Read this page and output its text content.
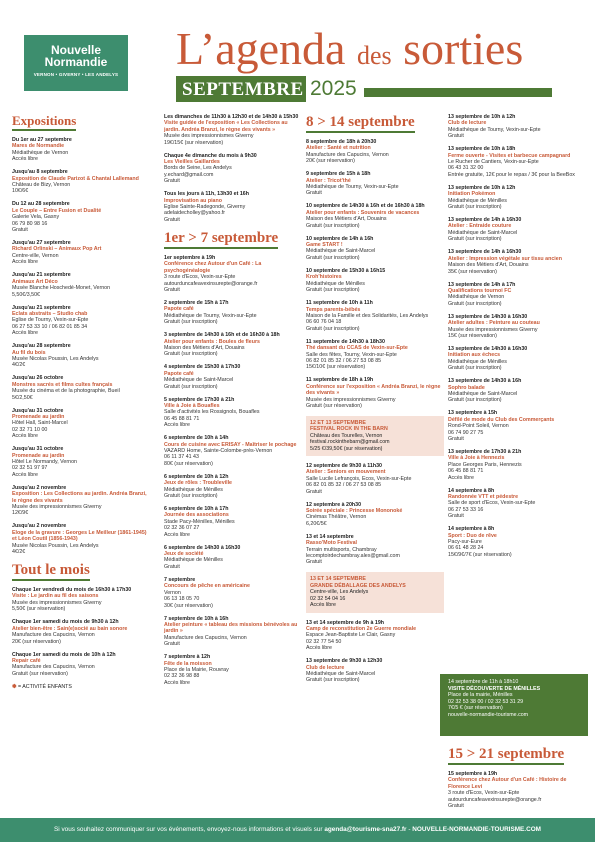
Nouvelle
Normandie
VERNON • GIVERNY • LES ANDELYS
L’agenda des sorties
SEPTEMBRE 2025
Expositions
Du 1er au 27 septembre
Mares de Normandie
Médiathèque de Vernon
Accès libre
Jusqu'au 8 septembre
Exposition de Claude Parizot & Chantal Lallemand
Château de Bizy, Vernon
10€/6€
Du 12 au 28 septembre
Le Couple – Entre Fusion et Dualité
Galerie Vela, Gasny
06 79 80 98 16
Gratuit
Jusqu'au 27 septembre
Richard Orlinski – Animaux Pop Art
Centre-ville, Vernon
Accès libre
Jusqu'au 21 septembre
Animaux Art Déco
Musée Blanche Hoschedé-Monet, Vernon
5,50€/3,50€
Jusqu'au 21 septembre
Eclats abstraits – Studio chab
Eglise de Tourny, Vexin-sur-Epte
06 27 53 33 10 / 06 82 01 85 34
Accès libre
Jusqu'au 28 septembre
Au fil du bois
Musée Nicolas Poussin, Les Andelys
4€/2€
Jusqu'au 26 octobre
Monstres sacrés et films cultes français
Musée du cinéma et de la photographie, Bueil
5€/2,50€
Jusqu'au 31 octobre
Promenade au jardin
Hôtel Hall, Saint-Marcel
02 32 71 10 00
Accès libre
Jusqu'au 31 octobre
Promenade au jardin
Hôtel Le Normandy, Vernon
02 32 51 97 97
Accès libre
Jusqu'au 2 novembre
Exposition : Les Collections au jardin. Andréa Branzi, le règne des vivants
Musée des impressionnismes Giverny
12€/9€
Jusqu'au 2 novembre
Eloge de la gravure : Georges Le Meilleur (1861-1945) et Léon Coutil (1856-1943)
Musée Nicolas Poussin, Les Andelys
4€/2€
Tout le mois
Chaque 1er vendredi du mois de 16h30 à 17h30
Visite : Le jardin au fil des saisons
Musée des impressionnismes Giverny
5,50€ (sur réservation)
Chaque 1er samedi du mois de 9h30 à 12h
Atelier bien-être : Sain(e)socié au bain sonore
Manufacture des Capucins, Vernon
20€ (sur réservation)
Chaque 1er samedi du mois de 10h à 12h
Repair café
Manufacture des Capucins, Vernon
Gratuit (sur réservation)
✽ = ACTIVITÉ ENFANTS
Les dimanches de 11h30 à 12h30 et de 14h30 à 15h30
Visite guidée de l'exposition « Les Collections au jardin. Andréa Branzi, le règne des vivants »
Musée des impressionnismes Giverny
19€/15€ (sur réservation)
Chaque 4e dimanche du mois à 9h30
Les Vieilles Gaillardes
Bords de Seine, Les Andelys
y.echard@gmail.com
Gratuit
Tous les jours à 11h, 13h30 et 16h
Improvisation au piano
Eglise Sainte-Radegonde, Giverny
adelaidecholley@yahoo.fr
Gratuit
1er > 7 septembre
1er septembre à 19h
Conférence chez Autour d'un Café : La psychogénéalogie
3 route d'Ecos, Vexin-sur-Epte
autourduncafeavexinsurepte@orange.fr
Gratuit
2 septembre de 15h à 17h
Papote café
Médiathèque de Tourny, Vexin-sur-Epte
Gratuit (sur inscription)
3 septembre de 14h30 à 16h et de 16h30 à 18h
Atelier pour enfants : Boules de fleurs
Maison des Métiers d'Art, Douains
Gratuit (sur inscription)
4 septembre de 15h30 à 17h30
Papote café
Médiathèque de Saint-Marcel
Gratuit (sur inscription)
5 septembre de 17h30 à 21h
Ville à Joie à Bouafles
Salle d'activités les Rossignols, Bouafles
06 45 88 81 71
Accès libre
6 septembre de 10h à 14h
Cours de cuisine avec ERISAY - Maîtriser le pochage
VAZARD Home, Sainte-Colombe-près-Vernon
06 11 37 41 43
80€ (sur réservation)
6 septembre de 10h à 12h
Jeux de rôles : Troubleville
Médiathèque de Ménilles
Gratuit (sur inscription)
6 septembre de 10h à 17h
Journée des associations
Stade Pacy-Ménilles, Ménilles
02 32 36 07 27
Accès libre
6 septembre de 14h30 à 16h30
Jeux de société
Médiathèque de Ménilles
Gratuit
7 septembre
Concours de pêche en américaine
Vernon
06 13 18 05 70
30€ (sur réservation)
7 septembre de 10h à 16h
Atelier peinture « tableau des missions bénévoles au jardin »
Manufacture des Capucins, Vernon
Gratuit
7 septembre à 12h
Fête de la moisson
Place de la Mairie, Rouvray
02 32 36 98 88
Accès libre
8 > 14 septembre
8 septembre de 18h à 20h30
Atelier : Santé et nutrition
Manufacture des Capucins, Vernon
20€ (sur réservation)
9 septembre de 15h à 18h
Atelier : Tricot'thé
Médiathèque de Tourny, Vexin-sur-Epte
Gratuit
10 septembre de 14h30 à 16h et de 16h30 à 18h
Atelier pour enfants : Souvenirs de vacances
Maison des Métiers d'Art, Douains
Gratuit (sur inscription)
10 septembre de 14h à 16h
Game START !
Médiathèque de Saint-Marcel
Gratuit (sur inscription)
10 septembre de 15h30 à 16h15
Kroh'histoires
Médiathèque de Ménilles
Gratuit (sur inscription)
11 septembre de 10h à 11h
Temps parents-bébés
Maison de la Famille et des Solidarités, Les Andelys
06 60 76 04 18
Gratuit (sur inscription)
11 septembre de 14h30 à 18h30
Thé dansant du CCAS de Vexin-sur-Epte
Salle des fêtes, Tourny, Vexin-sur-Epte
06 82 01 85 32 / 06 27 53 08 85
15€/10€ (sur réservation)
11 septembre de 18h à 19h
Conférence sur l'exposition « Andréa Branzi, le règne des vivants »
Musée des impressionnismes Giverny
Gratuit (sur réservation)
12 ET 13 SEPTEMBRE
FESTIVAL ROCK IN THE BARN
Château des Tourelles, Vernon
festival.rockinthebarn@gmail.com
5/25 €/39,50€ (sur réservation)
12 septembre de 9h30 à 11h30
Atelier : Seniors en mouvement
Salle Lucile Lefrançois, Ecos, Vexin-sur-Epte
06 82 01 85 32 / 06 27 53 08 85
Gratuit
12 septembre à 20h30
Soirée spéciale : Princesse Mononoké
Cinémas Théâtre, Vernon
6,20€/5€
13 et 14 septembre
Rasso'Moto Festival
Terrain multisports, Chambray
lecomptoirdechambray.alex@gmail.com
Gratuit
13 ET 14 SEPTEMBRE
GRANDE DÉBALLAGE DES ANDELYS
Centre-ville, Les Andelys
02 32 54 04 16
Accès libre
13 et 14 septembre de 9h à 19h
Camp de reconstitution 2e Guerre mondiale
Espace Jean-Baptiste Le Clair, Gasny
02 32 77 54 50
Accès libre
13 septembre de 9h30 à 12h30
Club de lecture
Médiathèque de Saint-Marcel
Gratuit (sur inscription)
13 septembre de 10h à 12h
Club de lecture
Médiathèque de Tourny, Vexin-sur-Epte
Gratuit
13 septembre de 10h à 18h
Ferme ouverte - Visites et barbecue campagnard
Le Rucher de Cantiers, Vexin-sur-Epte
06 43 31 32 00
Entrée gratuite, 12€ pour le repas / 3€ pour la BeeBox
13 septembre de 10h à 12h
Initiation Pokémon
Médiathèque de Ménilles
Gratuit (sur inscription)
13 septembre de 14h à 16h30
Atelier : Entraide couture
Médiathèque de Saint-Marcel
Gratuit (sur inscription)
13 septembre de 14h à 16h30
Atelier : Impression végétale sur tissu ancien
Maison des Métiers d'Art, Douains
35€ (sur réservation)
13 septembre de 14h à 17h
Qualifications tournoi FC
Médiathèque de Vernon
Gratuit (sur inscription)
13 septembre de 14h30 à 16h30
Atelier adultes : Peinture au couteau
Musée des impressionnismes Giverny
15€ (sur réservation)
13 septembre de 14h30 à 16h30
Initiation aux échecs
Médiathèque de Ménilles
Gratuit (sur inscription)
13 septembre de 14h30 à 16h
Sophro balade
Médiathèque de Saint-Marcel
Gratuit (sur inscription)
13 septembre à 15h
Défilé de mode du Club des Commerçants
Rond-Point Soleil, Vernon
06 74 90 27 75
Gratuit
13 septembre de 17h30 à 21h
Ville à Joie à Hennezis
Place Georges Paris, Hennezis
06 45 88 81 71
Accès libre
14 septembre à 8h
Randonnée VTT et pédestre
Salle de sport d'Ecos, Vexin-sur-Epte
06 27 53 33 16
Gratuit
14 septembre à 8h
Sport : Duo de rêve
Pacy-sur-Eure
06 61 48 28 24
15€/9€/7€ (sur réservation)
14 septembre de 11h à 18h10
VISITE DÉCOUVERTE DE MÉNILLES
Place de la mairie, Ménilles
02 32 53 38 00 / 02 32 53 31 29
7€/5 € (sur réservation)
nouvelle-normandie-tourisme.com
15 > 21 septembre
15 septembre à 19h
Conférence chez Autour d'un Café : Histoire de Florence Levi
3 route d'Ecos, Vexin-sur-Epte
autourduncafeavexinsurepte@orange.fr
Gratuit
Si vous souhaitez communiquer sur vos événements, envoyez-nous informations et visuels sur agenda@tourisme-sna27.fr - NOUVELLE-NORMANDIE-TOURISME.COM
